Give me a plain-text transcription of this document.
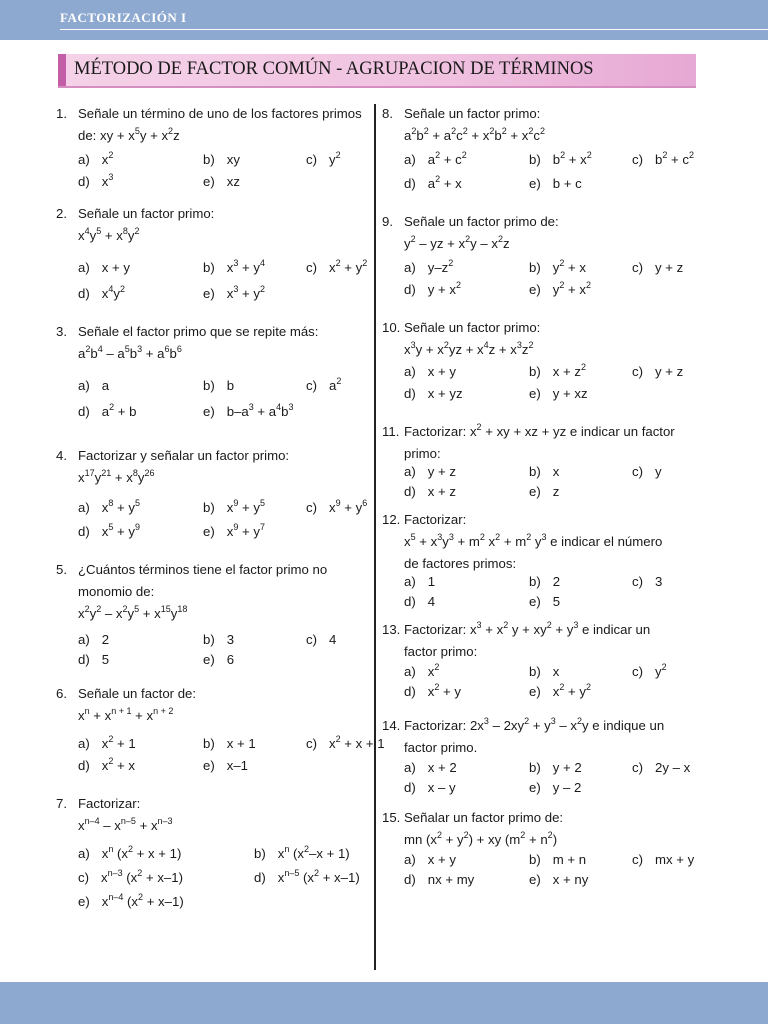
FACTORIZACIÓN I
MÉTODO DE FACTOR COMÚN - AGRUPACION DE TÉRMINOS
1. Señale un término de uno de los factores primos
de: xy + $x^5y + x^2z$
a) $x^2$	b) xy	c) $y^2$
d) $x^3$	e) xz
2. Señale un factor primo:
$x^4y^5 + x^8y^2$
a) x + y	b) $x^3 + y^4$	c) $x^2 + y^2$
d) $x^4y^2$	e) $x^3 + y^2$
3. Señale el factor primo que se repite más:
$a^2b^4 - a^5b^3 + a^6b^6$
a) a	b) b	c) $a^2$
d) $a^2 + b$	e) $b-a^3 + a^4b^3$
4. Factorizar y señalar un factor primo:
$x^{17}y^{21} + x^8y^{26}$
a) $x^8 + y^5$	b) $x^9 + y^5$	c) $x^9 + y^6$
d) $x^5 + y^9$	e) $x^9 + y^7$
5. ¿Cuántos términos tiene el factor primo no
monomio de:
$x^2y^2 - x^2y^5 + x^{15}y^{18}$
a) 2	b) 3	c) 4
d) 5	e) 6
6. Señale un factor de:
$x^n + x^{n + 1} + x^{n + 2}$
a) $x^2 + 1$	b) x + 1	c) $x^2 + x + 1$
d) $x^2 + x$	e) x–1
7. Factorizar:
$x^{n-4} - x^{n-5} + x^{n-3}$
a) $x^n$ $(x^2 + x + 1)$	b) $x^n$ $(x^2-x + 1)$
c) $x^{n-3}$ $(x^2 + x-1)$	d) $x^{n-5}$ $(x^2 + x-1)$
e) $x^{n-4}$ $(x^2 + x-1)$
8. Señale un factor primo:
$a^2b^2 + a^2c^2 + x^2b^2 + x^2c^2$
a) $a^2 + c^2$	b) $b^2 + x^2$	c) $b^2 + c^2$
d) $a^2 + x$	e) b + c
9. Señale un factor primo de:
$y^2$ – yz + $x^2y - x^2z$
a) $y-z^2$	b) $y^2 + x$	c) y + z
d) $y + x^2$	e) $y^2 + x^2$
10. Señale un factor primo:
$x^3y + x^2yz + x^4z + x^3z^2$
a) x + y	b) $x + z^2$	c) y + z
d) x + yz	e) y + xz
11. Factorizar: $x^2$ + xy + xz + yz e indicar un factor
primo:
a) y + z	b) x	c) y
d) x + z	e) z
12. Factorizar:
$x^5 + x^3y^3 + m^2$ $x^2 + m^2$ $y^3$ e indicar el número
de factores primos:
a) 1	b) 2	c) 3
d) 4	e) 5
13. Factorizar: $x^3 + x^2$ $y + xy^2 + y^3$ e indicar un
factor primo:
a) $x^2$	b) x	c) $y^2$
d) $x^2 + y$	e) $x^2 + y^2$
14. Factorizar: $2x^3 - 2xy^2 + y^3 - x^2y$ e indique un
factor primo.
a) x + 2	b) y + 2	c) 2y – x
d) x – y	e) y – 2
15. Señalar un factor primo de:
mn $(x^2 + y^2)$ + xy $(m^2 + n^2)$
a) x + y	b) m + n	c) mx + y
d) nx + my	e) x + ny
